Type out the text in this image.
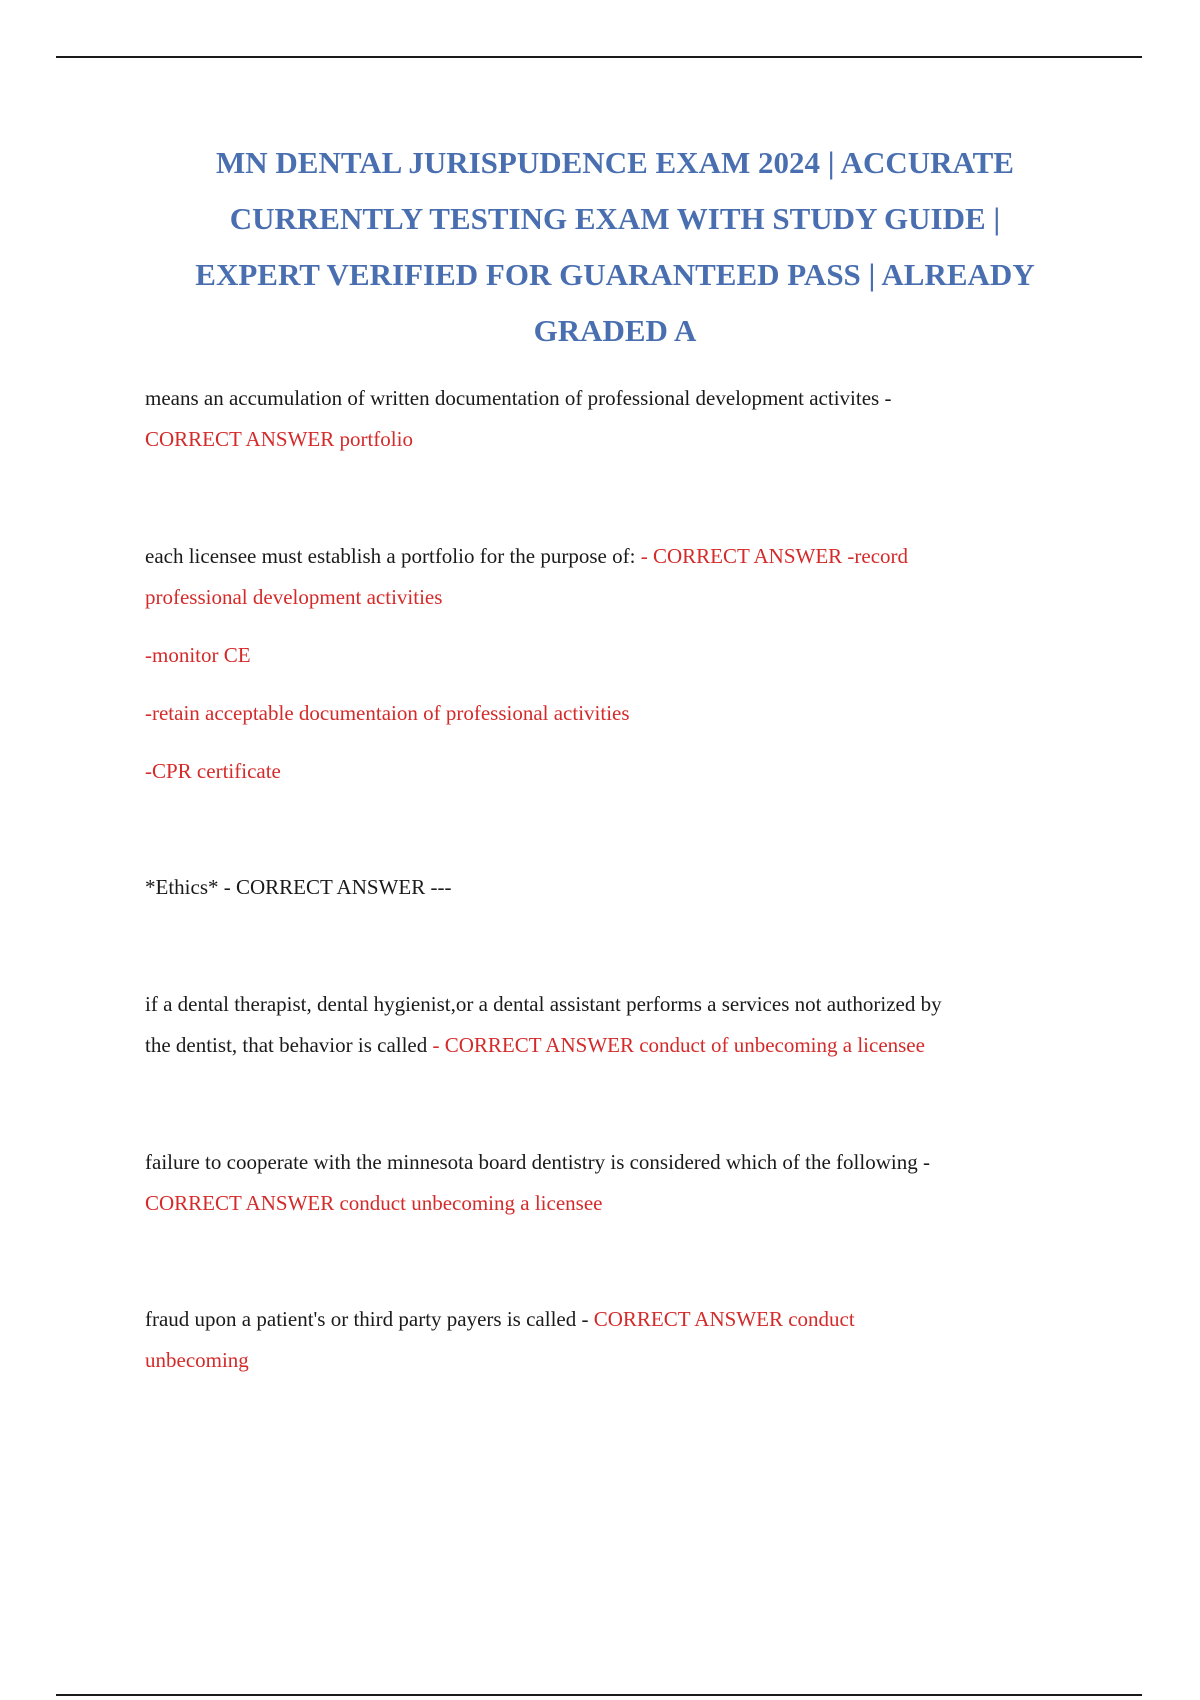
MN DENTAL JURISPUDENCE EXAM 2024 | ACCURATE
CURRENTLY TESTING EXAM WITH STUDY GUIDE |
EXPERT VERIFIED FOR GUARANTEED PASS | ALREADY
GRADED A
means an accumulation of written documentation of professional development activites -
CORRECT ANSWER portfolio
each licensee must establish a portfolio for the purpose of: - CORRECT ANSWER -record
professional development activities
-monitor CE
-retain acceptable documentaion of professional activities
-CPR certificate
*Ethics* - CORRECT ANSWER ---
if a dental therapist, dental hygienist,or a dental assistant performs a services not authorized by
the dentist, that behavior is called - CORRECT ANSWER conduct of unbecoming a licensee
failure to cooperate with the minnesota board dentistry is considered which of the following -
CORRECT ANSWER conduct unbecoming a licensee
fraud upon a patient's or third party payers is called - CORRECT ANSWER conduct
unbecoming
